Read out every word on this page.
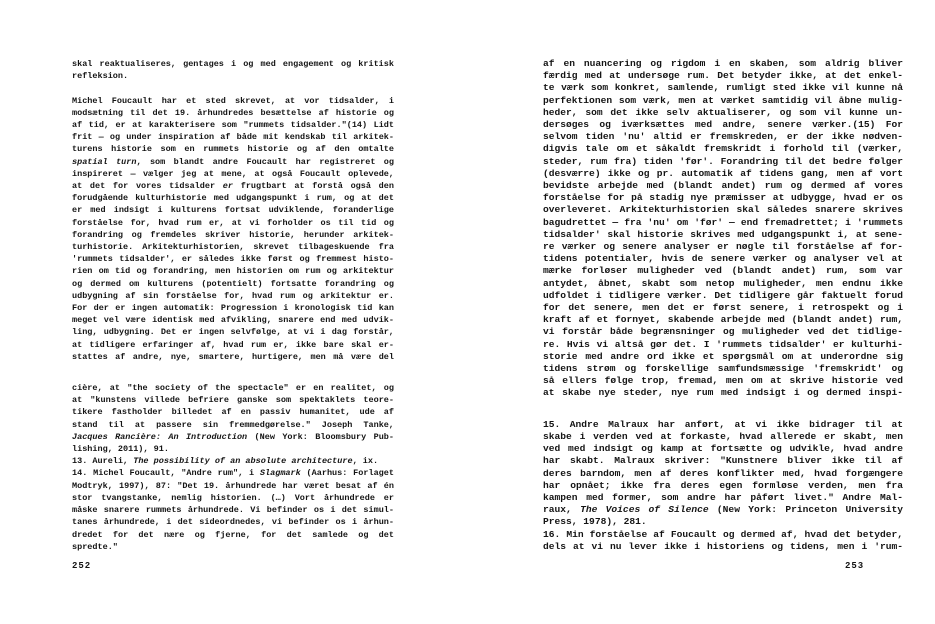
skal reaktualiseres, gentages i og med engagement og kritisk
refleksion.
Michel Foucault har et sted skrevet, at vor tidsalder, i
modsætning til det 19. århundredes besættelse af historie og
af tid, er at karakterisere som "rummets tidsalder."(14) Lidt
frit — og under inspiration af både mit kendskab til arkitek-
turens historie som en rummets historie og af den omtalte
spatial turn, som blandt andre Foucault har registreret og
inspireret — vælger jeg at mene, at også Foucault oplevede,
at det for vores tidsalder er frugtbart at forstå også den
forudgående kulturhistorie med udgangspunkt i rum, og at det
er med indsigt i kulturens fortsat udviklende, foranderlige
forståelse for, hvad rum er, at vi forholder os til tid og
forandring og fremdeles skriver historie, herunder arkitek-
turhistorie. Arkitekturhistorien, skrevet tilbageskuende fra
'rummets tidsalder', er således ikke først og fremmest histo-
rien om tid og forandring, men historien om rum og arkitektur
og dermed om kulturens (potentielt) fortsatte forandring og
udbygning af sin forståelse for, hvad rum og arkitektur er.
For der er ingen automatik: Progression i kronologisk tid kan
meget vel være identisk med afvikling, snarere end med udvik-
ling, udbygning. Det er ingen selvfølge, at vi i dag forstår,
at tidligere erfaringer af, hvad rum er, ikke bare skal er-
stattes af andre, nye, smartere, hurtigere, men må være del
cière, at "the society of the spectacle" er en realitet, og
at "kunstens villede befriere ganske som spektaklets teore-
tikere fastholder billedet af en passiv humanitet, ude af
stand til at passere sin fremmedgørelse." Joseph Tanke,
Jacques Rancière: An Introduction (New York: Bloomsbury Pub-
lishing, 2011), 91.
13. Aureli, The possibility of an absolute architecture, ix.
14. Michel Foucault, "Andre rum", i Slagmark (Aarhus: Forlaget
Modtryk, 1997), 87: "Det 19. århundrede har været besat af én
stor tvangstanke, nemlig historien. (…) Vort århundrede er
måske snarere rummets århundrede. Vi befinder os i det simul-
tanes århundrede, i det sideordnedes, vi befinder os i århun-
dredet for det nære og fjerne, for det samlede og det
spredte."
af en nuancering og rigdom i en skaben, som aldrig bliver
færdig med at undersøge rum. Det betyder ikke, at det enkel-
te værk som konkret, samlende, rumligt sted ikke vil kunne nå
perfektionen som værk, men at værket samtidig vil åbne mulig-
heder, som det ikke selv aktualiserer, og som vil kunne un-
dersøges og iværksættes med andre, senere værker.(15) For
selvom tiden 'nu' altid er fremskreden, er der ikke nødven-
digvis tale om et såkaldt fremskridt i forhold til (værker,
steder, rum fra) tiden 'før'. Forandring til det bedre følger
(desværre) ikke og pr. automatik af tidens gang, men af vort
bevidste arbejde med (blandt andet) rum og dermed af vores
forståelse for på stadig nye præmisser at udbygge, hvad er os
overleveret. Arkitekturhistorien skal således snarere skrives
bagudrettet — fra 'nu' om 'før' — end fremadrettet; i 'rummets
tidsalder' skal historie skrives med udgangspunkt i, at sene-
re værker og senere analyser er nøgle til forståelse af for-
tidens potentialer, hvis de senere værker og analyser vel at
mærke forløser muligheder ved (blandt andet) rum, som var
antydet, åbnet, skabt som netop muligheder, men endnu ikke
udfoldet i tidligere værker. Det tidligere går faktuelt forud
for det senere, men det er først senere, i retrospekt og i
kraft af et fornyet, skabende arbejde med (blandt andet) rum,
vi forstår både begrænsninger og muligheder ved det tidlige-
re. Hvis vi altså gør det. I 'rummets tidsalder' er kulturhi-
storie med andre ord ikke et spørgsmål om at underordne sig
tidens strøm og forskellige samfundsmæssige 'fremskridt' og
så ellers følge trop, fremad, men om at skrive historie ved
at skabe nye steder, nye rum med indsigt i og dermed inspi-
15. Andre Malraux har anført, at vi ikke bidrager til at
skabe i verden ved at forkaste, hvad allerede er skabt, men
ved med indsigt og kamp at fortsætte og udvikle, hvad andre
har skabt. Malraux skriver: "Kunstnere bliver ikke til af
deres barndom, men af deres konflikter med, hvad forgængere
har opnået; ikke fra deres egen formløse verden, men fra
kampen med former, som andre har påført livet." Andre Mal-
raux, The Voices of Silence (New York: Princeton University
Press, 1978), 281.
16. Min forståelse af Foucault og dermed af, hvad det betyder,
dels at vi nu lever ikke i historiens og tidens, men i 'rum-
252	253
